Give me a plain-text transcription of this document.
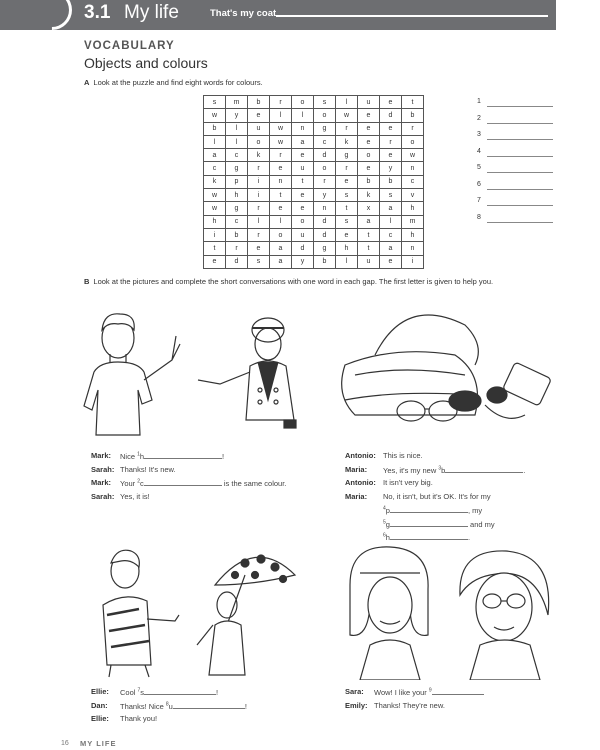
3.1 My life	That's my coat
VOCABULARY
Objects and colours
A Look at the puzzle and find eight words for colours.
s	m	b	r	o	s	l	u	e	t
w	y	e	l	l	o	w	e	d	b
b	l	u	w	n	g	r	e	e	r
l	l	o	w	a	c	k	e	r	o
a	c	k	r	e	d	g	o	e	w
c	g	r	e	u	o	r	e	y	n
k	p	i	n	t	r	e	b	b	c
w	h	i	t	e	y	s	k	s	v
w	g	r	e	e	n	t	x	a	h
h	c	l	l	o	d	s	a	l	m
i	b	r	o	u	d	e	t	c	h
t	r	e	a	d	g	h	t	a	n
e	d	s	a	y	b	l	u	e	i
1
2
3
4
5
6
7
8
B Look at the pictures and complete the short conversations with one word in each gap. The first letter is given to help you.
Mark: Nice $^1$h	!
Sarah: Thanks! It's new.
Mark: Your $^2$c	is the same colour.
Sarah: Yes, it is!
Antonio: This is nice.
Maria: Yes, it's my new $^3$b	.
Antonio: It isn't very big.
Maria: No, it isn't, but it's OK. It's for my
$^4$p	, my
$^5$g	and my
$^6$h	.
Ellie: Cool $^7$s	!
Dan: Thanks! Nice $^8$u	!
Ellie: Thank you!
Sara: Wow! I like your $^9$
Emily: Thanks! They're new.
16 MY LIFE
